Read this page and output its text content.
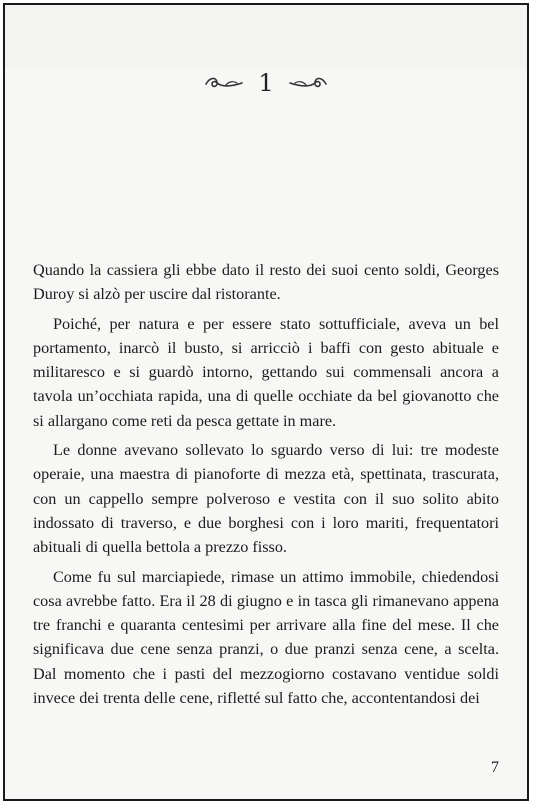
1

Quando la cassiera gli ebbe dato il resto dei suoi cento soldi, Georges Duroy si alzò per uscire dal ristorante.

Poiché, per natura e per essere stato sottufficiale, aveva un bel portamento, inarcò il busto, si arricciò i baffi con gesto abituale e militaresco e si guardò intorno, gettando sui commensali ancora a tavola un’occhiata rapida, una di quelle occhiate da bel giovanotto che si allargano come reti da pesca gettate in mare.

Le donne avevano sollevato lo sguardo verso di lui: tre modeste operaie, una maestra di pianoforte di mezza età, spettinata, trascurata, con un cappello sempre polveroso e vestita con il suo solito abito indossato di traverso, e due borghesi con i loro mariti, frequentatori abituali di quella bettola a prezzo fisso.

Come fu sul marciapiede, rimase un attimo immobile, chiedendosi cosa avrebbe fatto. Era il 28 di giugno e in tasca gli rimanevano appena tre franchi e quaranta centesimi per arrivare alla fine del mese. Il che significava due cene senza pranzi, o due pranzi senza cene, a scelta. Dal momento che i pasti del mezzogiorno costavano ventidue soldi invece dei trenta delle cene, rifletté sul fatto che, accontentandosi dei

7
